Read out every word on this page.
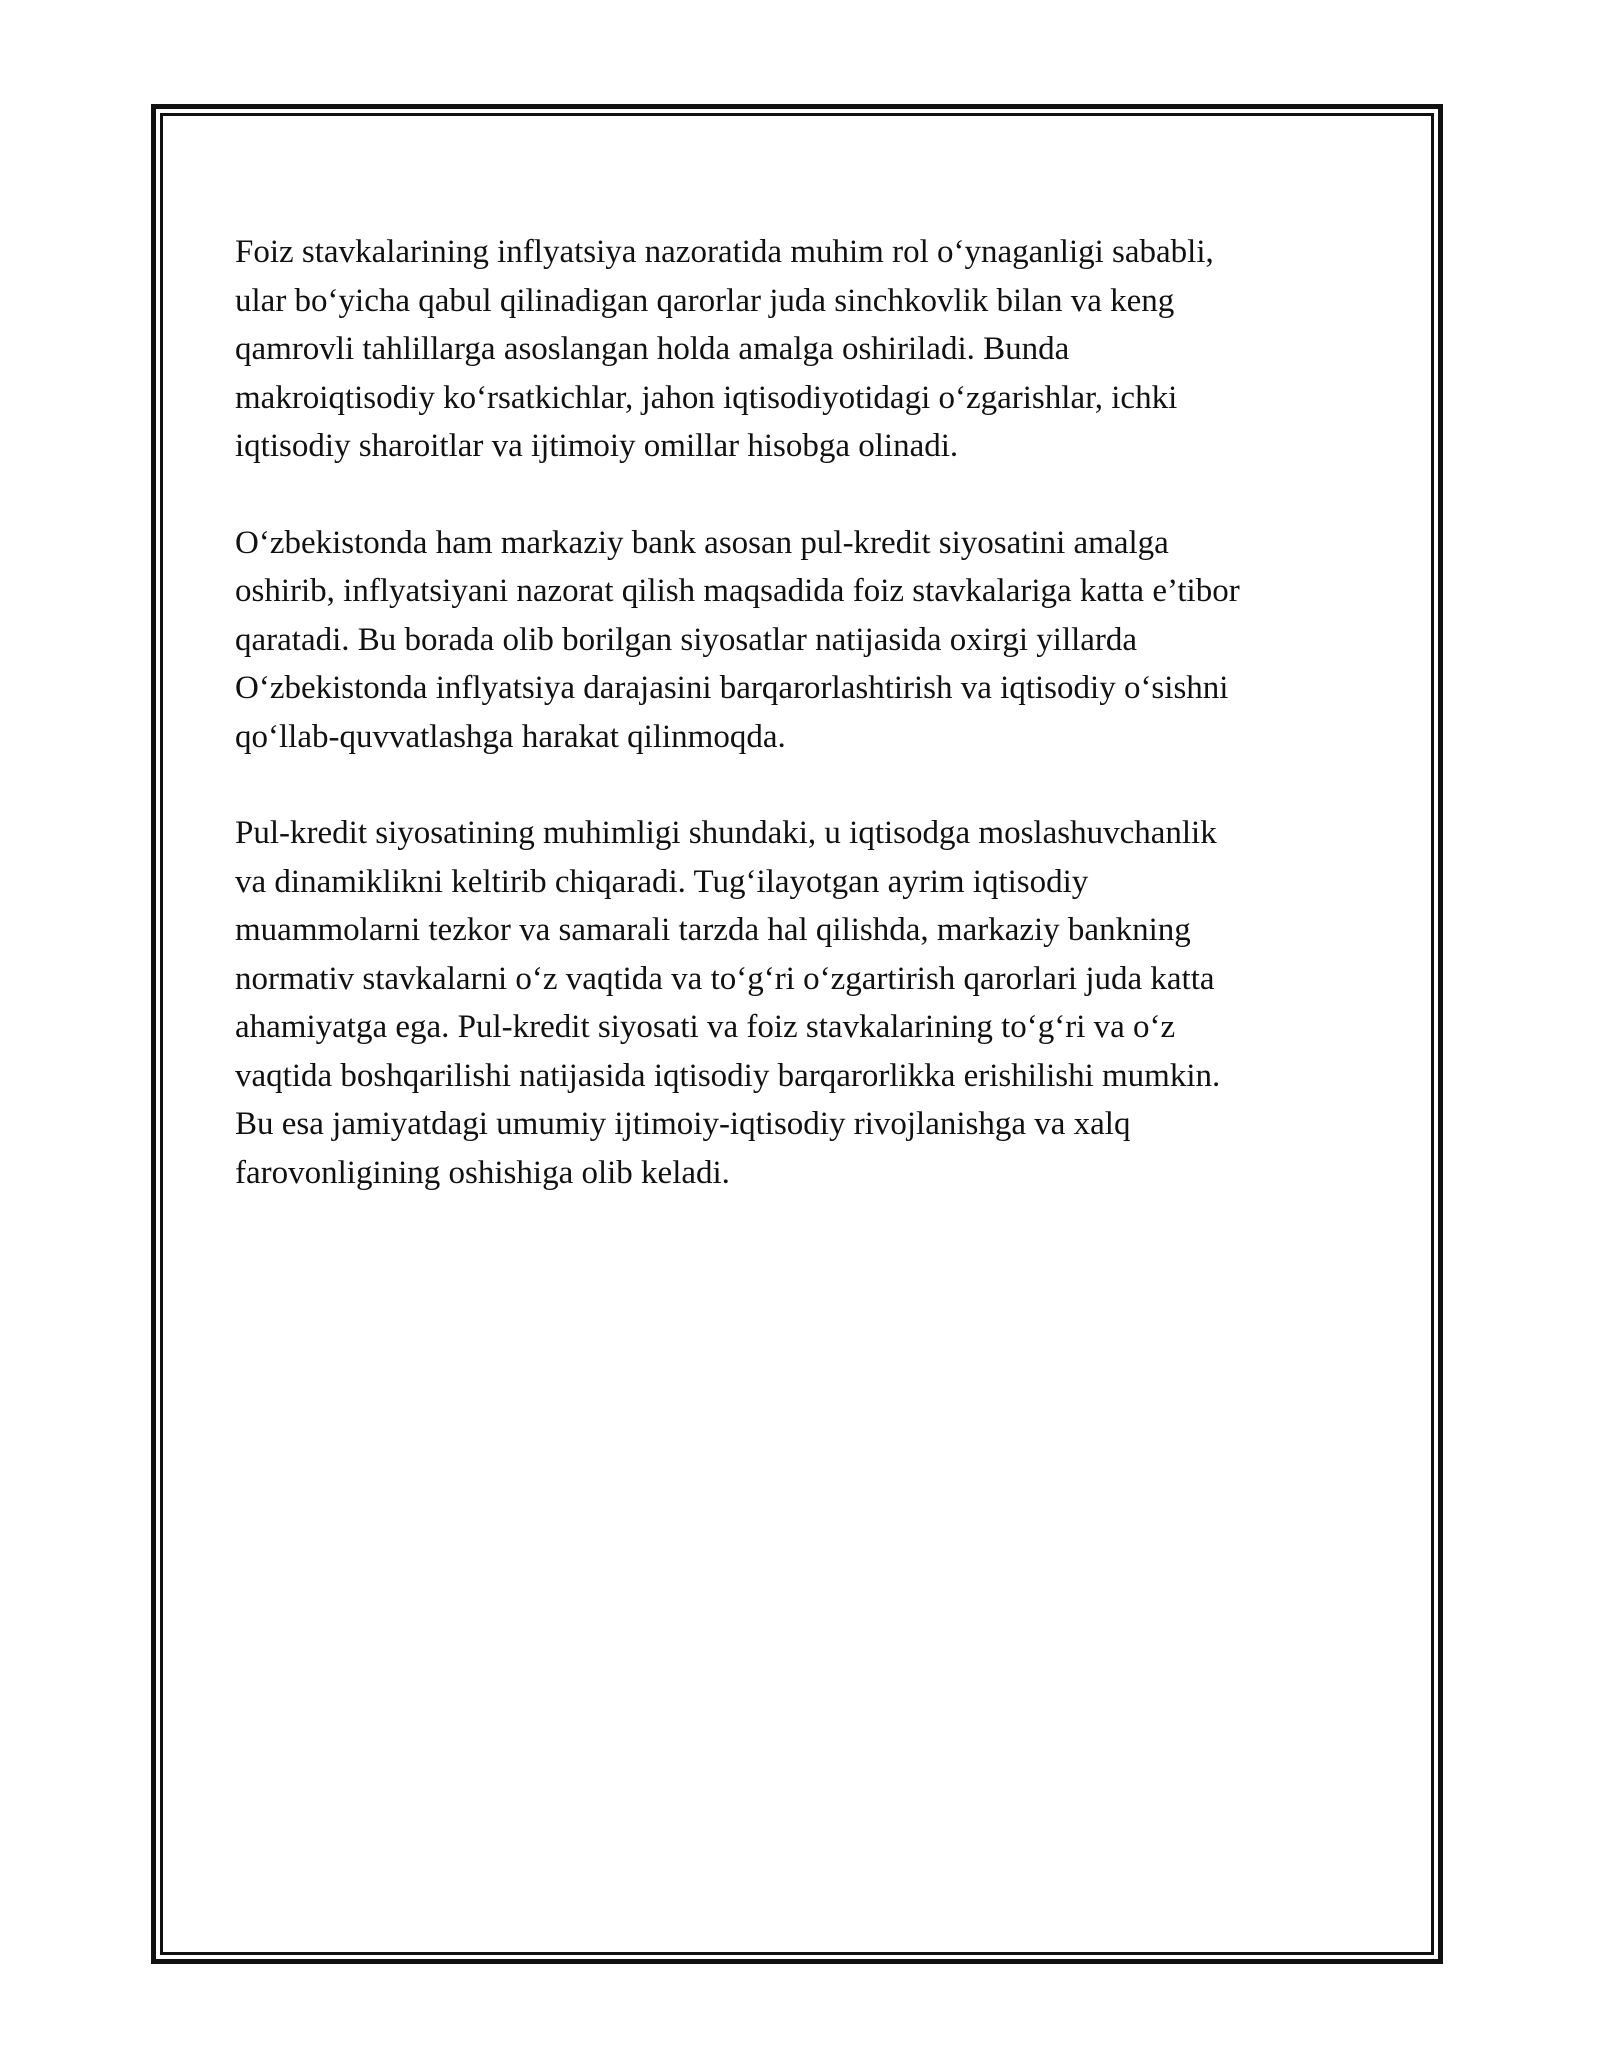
Foiz stavkalarining inflyatsiya nazoratida muhim rol o‘ynaganligi sababli,
ular bo‘yicha qabul qilinadigan qarorlar juda sinchkovlik bilan va keng
qamrovli tahlillarga asoslangan holda amalga oshiriladi. Bunda
makroiqtisodiy ko‘rsatkichlar, jahon iqtisodiyotidagi o‘zgarishlar, ichki
iqtisodiy sharoitlar va ijtimoiy omillar hisobga olinadi.

O‘zbekistonda ham markaziy bank asosan pul-kredit siyosatini amalga
oshirib, inflyatsiyani nazorat qilish maqsadida foiz stavkalariga katta e’tibor
qaratadi. Bu borada olib borilgan siyosatlar natijasida oxirgi yillarda
O‘zbekistonda inflyatsiya darajasini barqarorlashtirish va iqtisodiy o‘sishni
qo‘llab-quvvatlashga harakat qilinmoqda.

Pul-kredit siyosatining muhimligi shundaki, u iqtisodga moslashuvchanlik
va dinamiklikni keltirib chiqaradi. Tug‘ilayotgan ayrim iqtisodiy
muammolarni tezkor va samarali tarzda hal qilishda, markaziy bankning
normativ stavkalarni o‘z vaqtida va to‘g‘ri o‘zgartirish qarorlari juda katta
ahamiyatga ega. Pul-kredit siyosati va foiz stavkalarining to‘g‘ri va o‘z
vaqtida boshqarilishi natijasida iqtisodiy barqarorlikka erishilishi mumkin.
Bu esa jamiyatdagi umumiy ijtimoiy-iqtisodiy rivojlanishga va xalq
farovonligining oshishiga olib keladi.
